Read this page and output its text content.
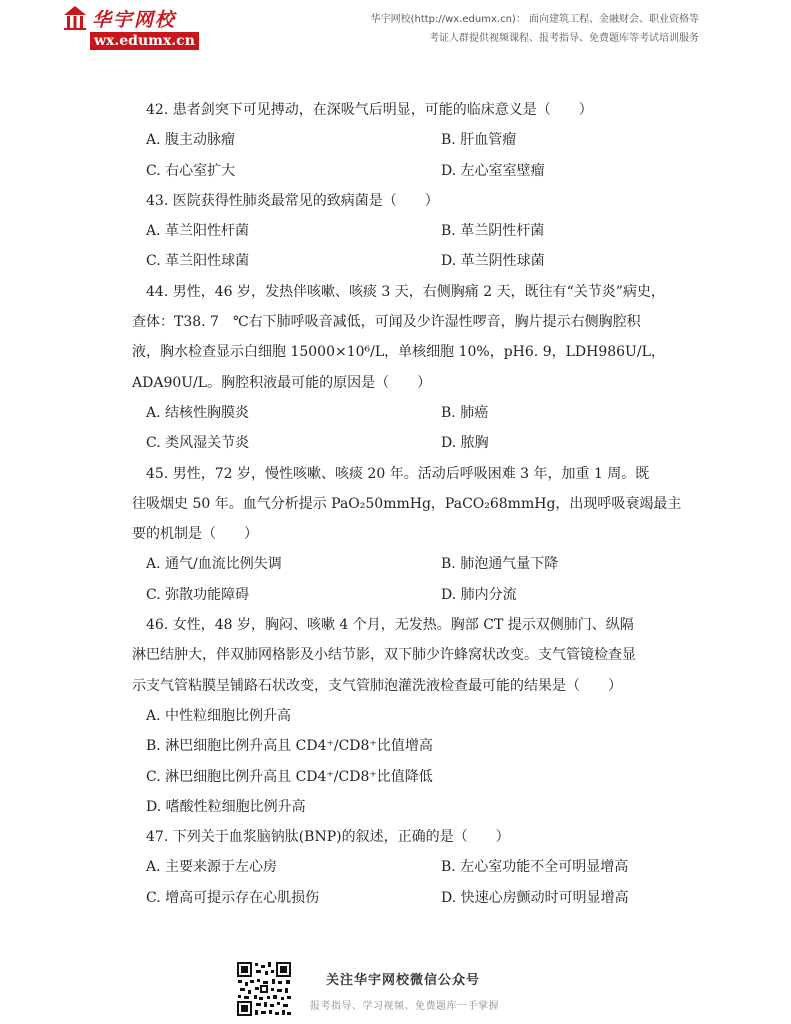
华宇网校
wx.edumx.cn
华宇网校(http://wx.edumx.cn)： 面向建筑工程、金融财会、职业资格等
考证人群提供视频课程、报考指导、免费题库等考试培训服务
42. 患者剑突下可见搏动，在深吸气后明显，可能的临床意义是（　　）
A. 腹主动脉瘤	B. 肝血管瘤
C. 右心室扩大	D. 左心室室壁瘤
43. 医院获得性肺炎最常见的致病菌是（　　）
A. 革兰阳性杆菌	B. 革兰阴性杆菌
C. 革兰阳性球菌	D. 革兰阴性球菌
44. 男性，46 岁，发热伴咳嗽、咳痰 3 天，右侧胸痛 2 天，既往有“关节炎”病史，
查体：T38. 7　℃右下肺呼吸音减低，可闻及少许湿性啰音，胸片提示右侧胸腔积
液，胸水检查显示白细胞 15000×10⁶/L，单核细胞 10%，pH6. 9，LDH986U/L，
ADA90U/L。胸腔积液最可能的原因是（　　）
A. 结核性胸膜炎	B. 肺癌
C. 类风湿关节炎	D. 脓胸
45. 男性，72 岁，慢性咳嗽、咳痰 20 年。活动后呼吸困难 3 年，加重 1 周。既
往吸烟史 50 年。血气分析提示 PaO₂50mmHg，PaCO₂68mmHg，出现呼吸衰竭最主
要的机制是（　　）
A. 通气/血流比例失调	B. 肺泡通气量下降
C. 弥散功能障碍	D. 肺内分流
46. 女性，48 岁，胸闷、咳嗽 4 个月，无发热。胸部 CT 提示双侧肺门、纵隔
淋巴结肿大，伴双肺网格影及小结节影，双下肺少许蜂窝状改变。支气管镜检查显
示支气管粘膜呈铺路石状改变，支气管肺泡灌洗液检查最可能的结果是（　　）
A. 中性粒细胞比例升高
B. 淋巴细胞比例升高且 CD4⁺/CD8⁺比值增高
C. 淋巴细胞比例升高且 CD4⁺/CD8⁺比值降低
D. 嗜酸性粒细胞比例升高
47. 下列关于血浆脑钠肽(BNP)的叙述，正确的是（　　）
A. 主要来源于左心房	B. 左心室功能不全可明显增高
C. 增高可提示存在心肌损伤	D. 快速心房颤动时可明显增高
关注华宇网校微信公众号
报考指导、学习视频、免费题库一手掌握
